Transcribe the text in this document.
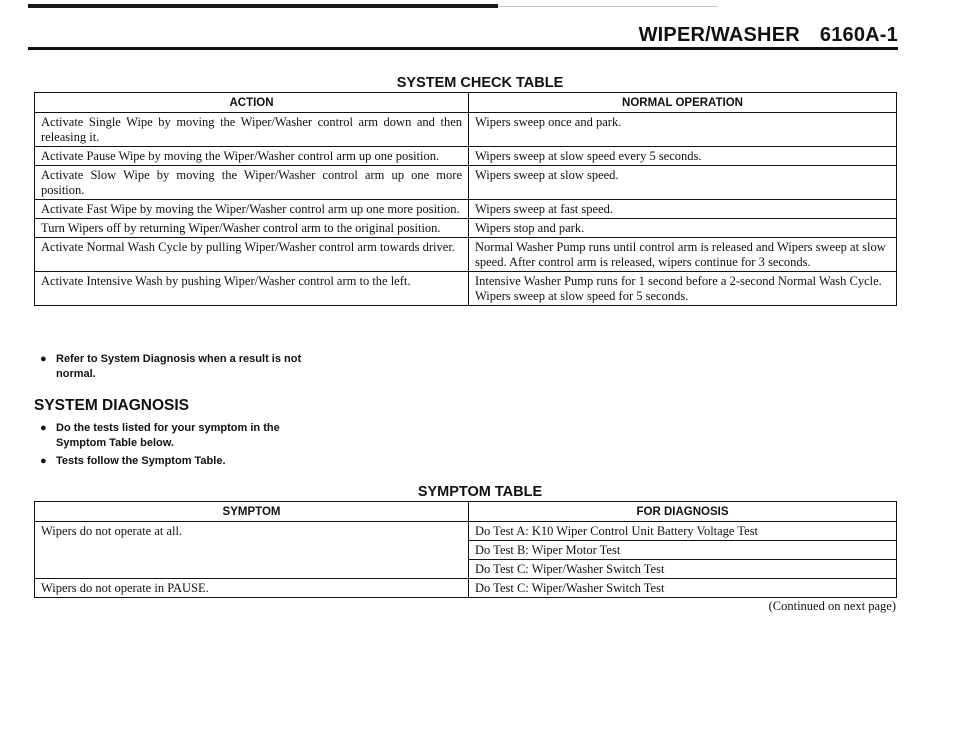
WIPER/WASHER 6160A-1
SYSTEM CHECK TABLE
ACTION	NORMAL OPERATION
Activate Single Wipe by moving the Wiper/Washer control arm down and then releasing it.	Wipers sweep once and park.
Activate Pause Wipe by moving the Wiper/Washer control arm up one position.	Wipers sweep at slow speed every 5 seconds.
Activate Slow Wipe by moving the Wiper/Washer control arm up one more position.	Wipers sweep at slow speed.
Activate Fast Wipe by moving the Wiper/Washer control arm up one more position.	Wipers sweep at fast speed.
Turn Wipers off by returning Wiper/Washer control arm to the original position.	Wipers stop and park.
Activate Normal Wash Cycle by pulling Wiper/Washer control arm towards driver.	Normal Washer Pump runs until control arm is released and Wipers sweep at slow speed. After control arm is released, wipers continue for 3 seconds.
Activate Intensive Wash by pushing Wiper/Washer control arm to the left.	Intensive Washer Pump runs for 1 second before a 2-second Normal Wash Cycle. Wipers sweep at slow speed for 5 seconds.
● Refer to System Diagnosis when a result is not normal.
SYSTEM DIAGNOSIS
● Do the tests listed for your symptom in the Symptom Table below.
● Tests follow the Symptom Table.
SYMPTOM TABLE
SYMPTOM	FOR DIAGNOSIS
Wipers do not operate at all.	Do Test A: K10 Wiper Control Unit Battery Voltage Test
	Do Test B: Wiper Motor Test
	Do Test C: Wiper/Washer Switch Test
Wipers do not operate in PAUSE.	Do Test C: Wiper/Washer Switch Test
(Continued on next page)
